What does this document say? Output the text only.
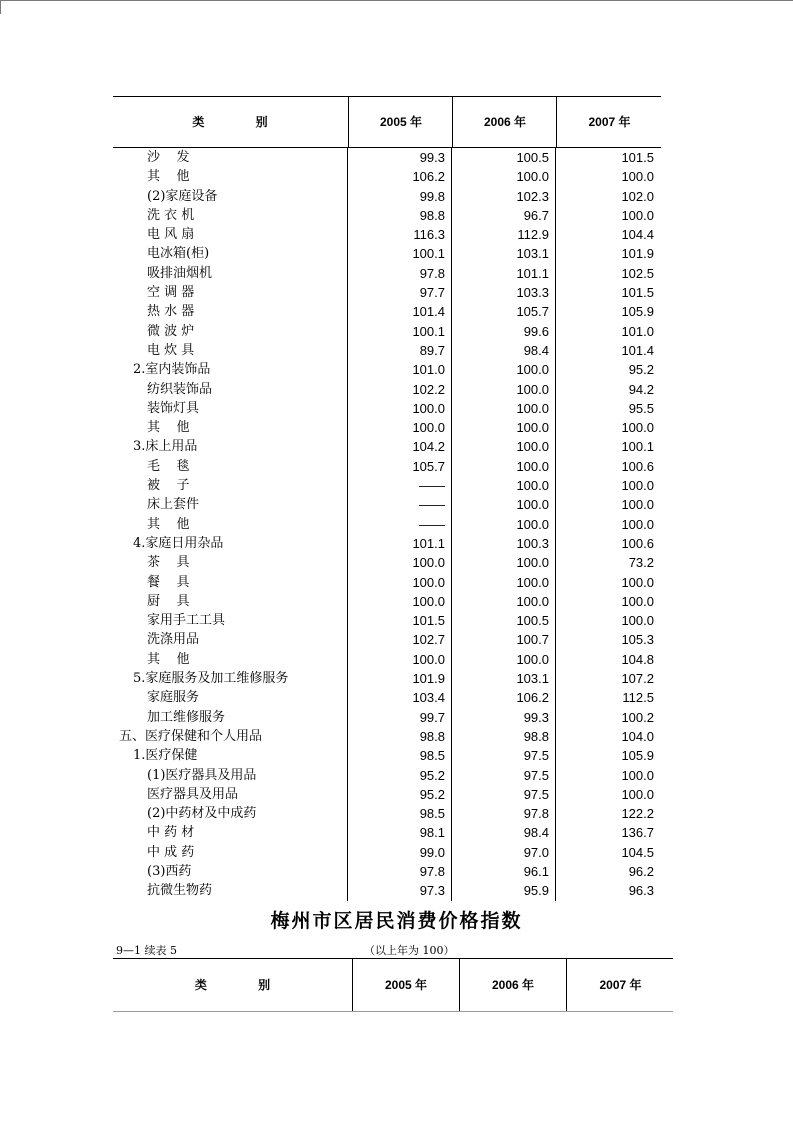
类 别	2005 年	2006 年	2007 年
沙    发	99.3	100.5	101.5
其    他	106.2	100.0	100.0
(2)家庭设备	99.8	102.3	102.0
洗 衣 机	98.8	96.7	100.0
电 风 扇	116.3	112.9	104.4
电冰箱(柜)	100.1	103.1	101.9
吸排油烟机	97.8	101.1	102.5
空 调 器	97.7	103.3	101.5
热 水 器	101.4	105.7	105.9
微 波 炉	100.1	99.6	101.0
电 炊 具	89.7	98.4	101.4
2.室内装饰品	101.0	100.0	95.2
纺织装饰品	102.2	100.0	94.2
装饰灯具	100.0	100.0	95.5
其    他	100.0	100.0	100.0
3.床上用品	104.2	100.0	100.1
毛    毯	105.7	100.0	100.6
被    子	——	100.0	100.0
床上套件	——	100.0	100.0
其    他	——	100.0	100.0
4.家庭日用杂品	101.1	100.3	100.6
茶    具	100.0	100.0	73.2
餐    具	100.0	100.0	100.0
厨    具	100.0	100.0	100.0
家用手工工具	101.5	100.5	100.0
洗涤用品	102.7	100.7	105.3
其    他	100.0	100.0	104.8
5.家庭服务及加工维修服务	101.9	103.1	107.2
家庭服务	103.4	106.2	112.5
加工维修服务	99.7	99.3	100.2
五、医疗保健和个人用品	98.8	98.8	104.0
1.医疗保健	98.5	97.5	105.9
(1)医疗器具及用品	95.2	97.5	100.0
医疗器具及用品	95.2	97.5	100.0
(2)中药材及中成药	98.5	97.8	122.2
中 药 材	98.1	98.4	136.7
中 成 药	99.0	97.0	104.5
(3)西药	97.8	96.1	96.2
抗微生物药	97.3	95.9	96.3
梅州市区居民消费价格指数
9—1 续表 5	（以上年为 100）
类 别	2005 年	2006 年	2007 年
